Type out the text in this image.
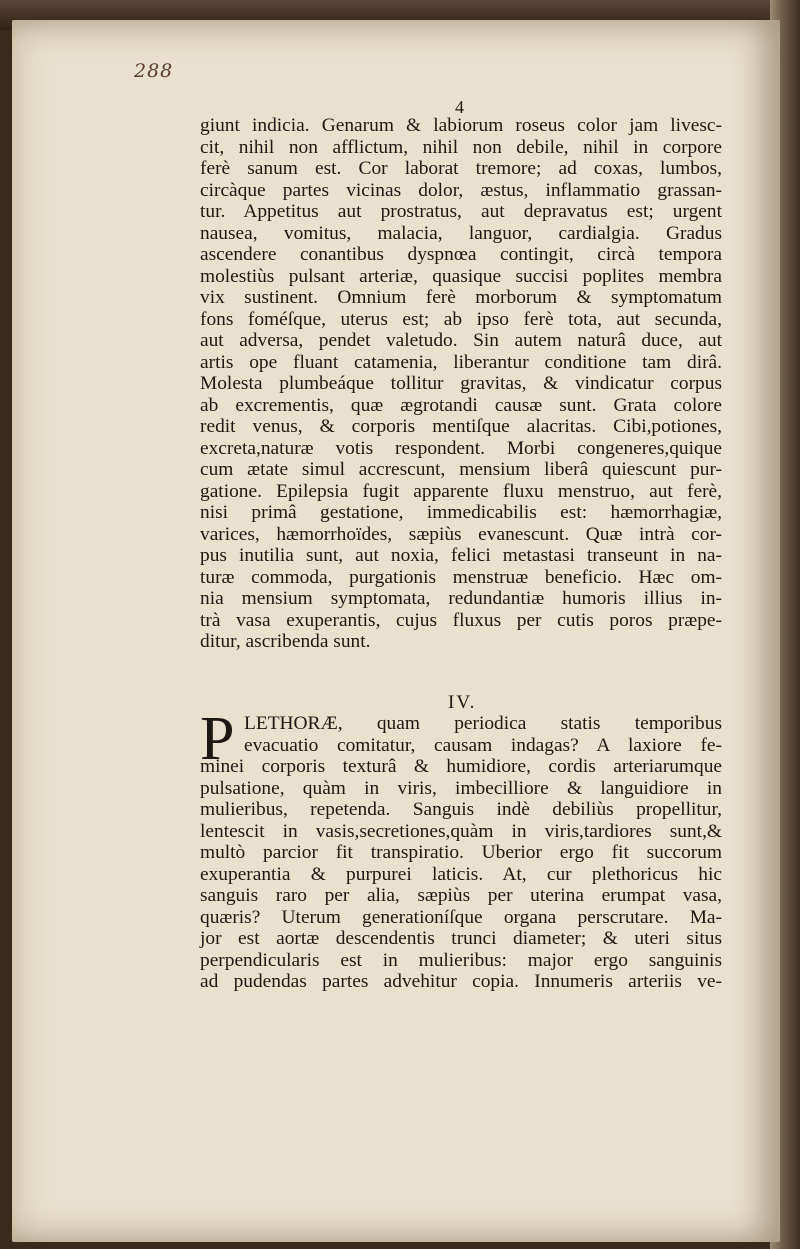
288
4
giunt indicia. Genarum & labiorum roseus color jam livesc-
cit, nihil non afflictum, nihil non debile, nihil in corpore
ferè sanum est. Cor laborat tremore; ad coxas, lumbos,
circàque partes vicinas dolor, æstus, inflammatio grassan-
tur. Appetitus aut prostratus, aut depravatus est; urgent
nausea, vomitus, malacia, languor, cardialgia. Gradus
ascendere conantibus dyspnœa contingit, circà tempora
molestiùs pulsant arteriæ, quasique succisi poplites membra
vix sustinent. Omnium ferè morborum & symptomatum
fons foméſque, uterus est; ab ipso ferè tota, aut secunda,
aut adversa, pendet valetudo. Sin autem naturâ duce, aut
artis ope fluant catamenia, liberantur conditione tam dirâ.
Molesta plumbeáque tollitur gravitas, & vindicatur corpus
ab excrementis, quæ ægrotandi causæ sunt. Grata colore
redit venus, & corporis mentiſque alacritas. Cibi,potiones,
excreta,naturæ votis respondent. Morbi congeneres,quique
cum ætate simul accrescunt, mensium liberâ quiescunt pur-
gatione. Epilepsia fugit apparente fluxu menstruo, aut ferè,
nisi primâ gestatione, immedicabilis est: hæmorrhagiæ,
varices, hæmorrhoïdes, sæpiùs evanescunt. Quæ intrà cor-
pus inutilia sunt, aut noxia, felici metastasi transeunt in na-
turæ commoda, purgationis menstruæ beneficio. Hæc om-
nia mensium symptomata, redundantiæ humoris illius in-
trà vasa exuperantis, cujus fluxus per cutis poros præpe-
ditur, ascribenda sunt.
IV.
P LETHORÆ, quam periodica statis temporibus
evacuatio comitatur, causam indagas? A laxiore fe-
minei corporis texturâ & humidiore, cordis arteriarumque
pulsatione, quàm in viris, imbecilliore & languidiore in
mulieribus, repetenda. Sanguis indè debiliùs propellitur,
lentescit in vasis,secretiones,quàm in viris,tardiores sunt,&
multò parcior fit transpiratio. Uberior ergo fit succorum
exuperantia & purpurei laticis. At, cur plethoricus hic
sanguis raro per alia, sæpiùs per uterina erumpat vasa,
quæris? Uterum generationíſque organa perscrutare. Ma-
jor est aortæ descendentis trunci diameter; & uteri situs
perpendicularis est in mulieribus: major ergo sanguinis
ad pudendas partes advehitur copia. Innumeris arteriis ve-
